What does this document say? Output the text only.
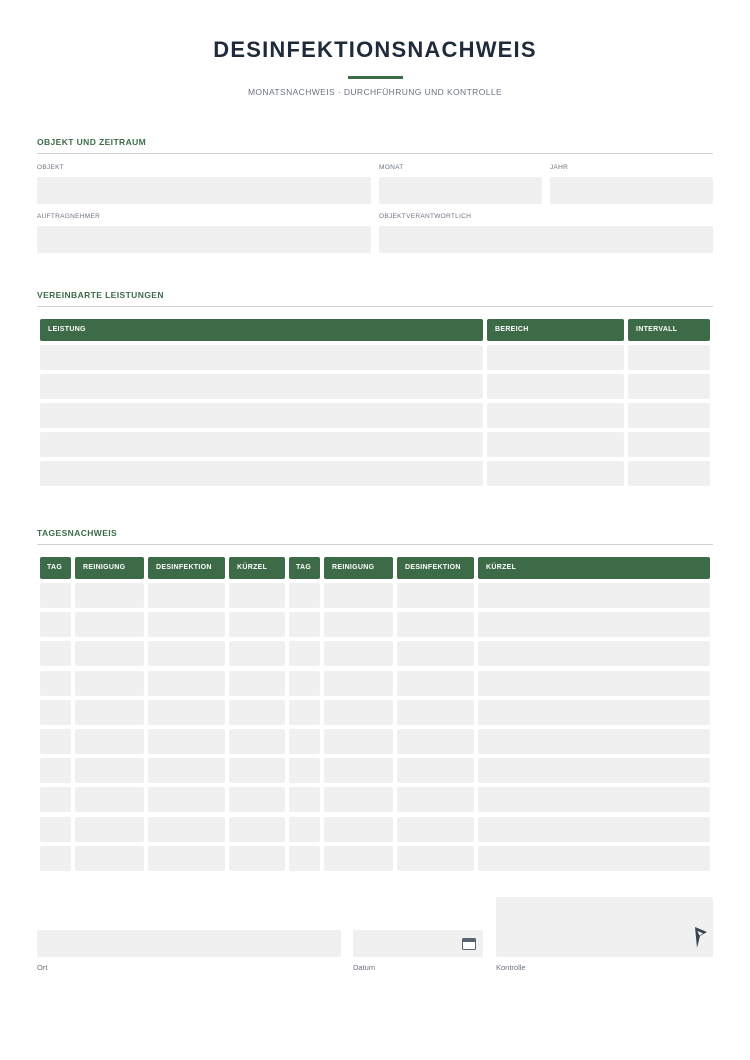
DESINFEKTIONSNACHWEIS
MONATSNACHWEIS · DURCHFÜHRUNG UND KONTROLLE
OBJEKT UND ZEITRAUM
OBJEKT	MONAT	JAHR
AUFTRAGNEHMER	OBJEKTVERANTWORTLICH
VEREINBARTE LEISTUNGEN
LEISTUNG	BEREICH	INTERVALL
TAGESNACHWEIS
TAG	REINIGUNG	DESINFEKTION	KÜRZEL	TAG	REINIGUNG	DESINFEKTION	KÜRZEL
Ort	Datum	Kontrolle
